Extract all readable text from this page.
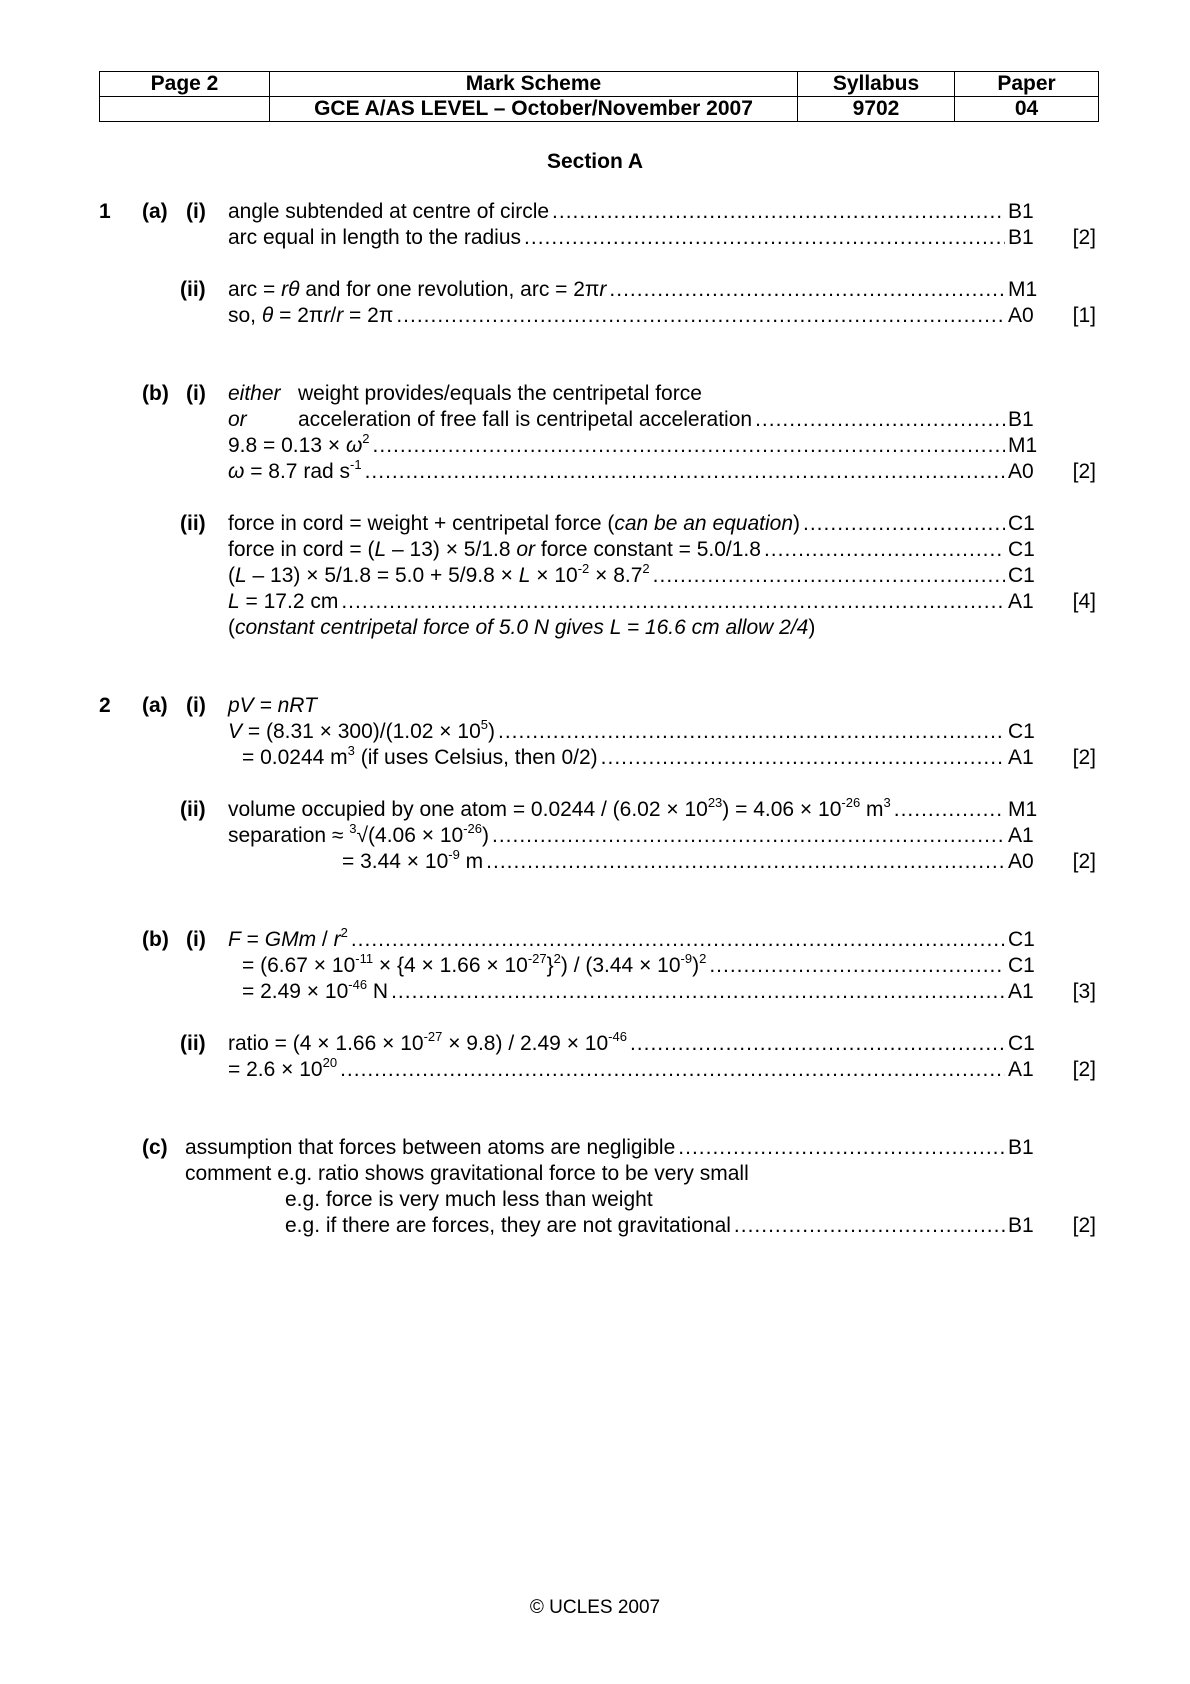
Page 2	Mark Scheme	Syllabus	Paper
	GCE A/AS LEVEL – October/November 2007	9702	04
Section A
1 (a) (i) angle subtended at centre of circle .....	B1
arc equal in length to the radius .....	B1 [2]
(ii) arc = rθ and for one revolution, arc = 2πr .....	M1
so, θ = 2πr/r = 2π .....	A0 [1]
(b) (i) either weight provides/equals the centripetal force
or acceleration of free fall is centripetal acceleration .....	B1
$9.8 = 0.13 \times \omega^2$ .....	M1
ω = 8.7 rad $s^{-1}$ .....	A0 [2]
(ii) force in cord = weight + centripetal force (can be an equation) .....	C1
force in cord = (L – 13) × 5/1.8 or force constant = 5.0/1.8 .....	C1
$(L - 13) \times 5/1.8 = 5.0 + 5/9.8 \times L \times 10^{-2} \times 8.7^2$ .....	C1
L = 17.2 cm .....	A1 [4]
(constant centripetal force of 5.0 N gives L = 16.6 cm allow 2/4)
2 (a) (i) pV = nRT
$V = (8.31 \times 300)/(1.02 \times 10^5)$ .....	C1
= 0.0244 $m^3$ (if uses Celsius, then 0/2) .....	A1 [2]
(ii) volume occupied by one atom = $0.0244 / (6.02 \times 10^{23}) = 4.06 \times 10^{-26}$ $m^3$ .....	M1
separation ≈ $^3√(4.06 \times 10^{-26})$ .....	A1
= $3.44 \times 10^{-9}$ m .....	A0 [2]
(b) (i) F = GMm / $r^2$ .....	C1
= $(6.67 \times 10^{-11} \times \{4 \times 1.66 \times 10^{-27}\}^2) / (3.44 \times 10^{-9})^2$ .....	C1
= $2.49 \times 10^{-46}$ N .....	A1 [3]
(ii) ratio = $(4 \times 1.66 \times 10^{-27} \times 9.8) / 2.49 \times 10^{-46}$ .....	C1
= $2.6 \times 10^{20}$ .....	A1 [2]
(c) assumption that forces between atoms are negligible .....	B1
comment e.g. ratio shows gravitational force to be very small
e.g. force is very much less than weight
e.g. if there are forces, they are not gravitational .....	B1 [2]
© UCLES 2007
